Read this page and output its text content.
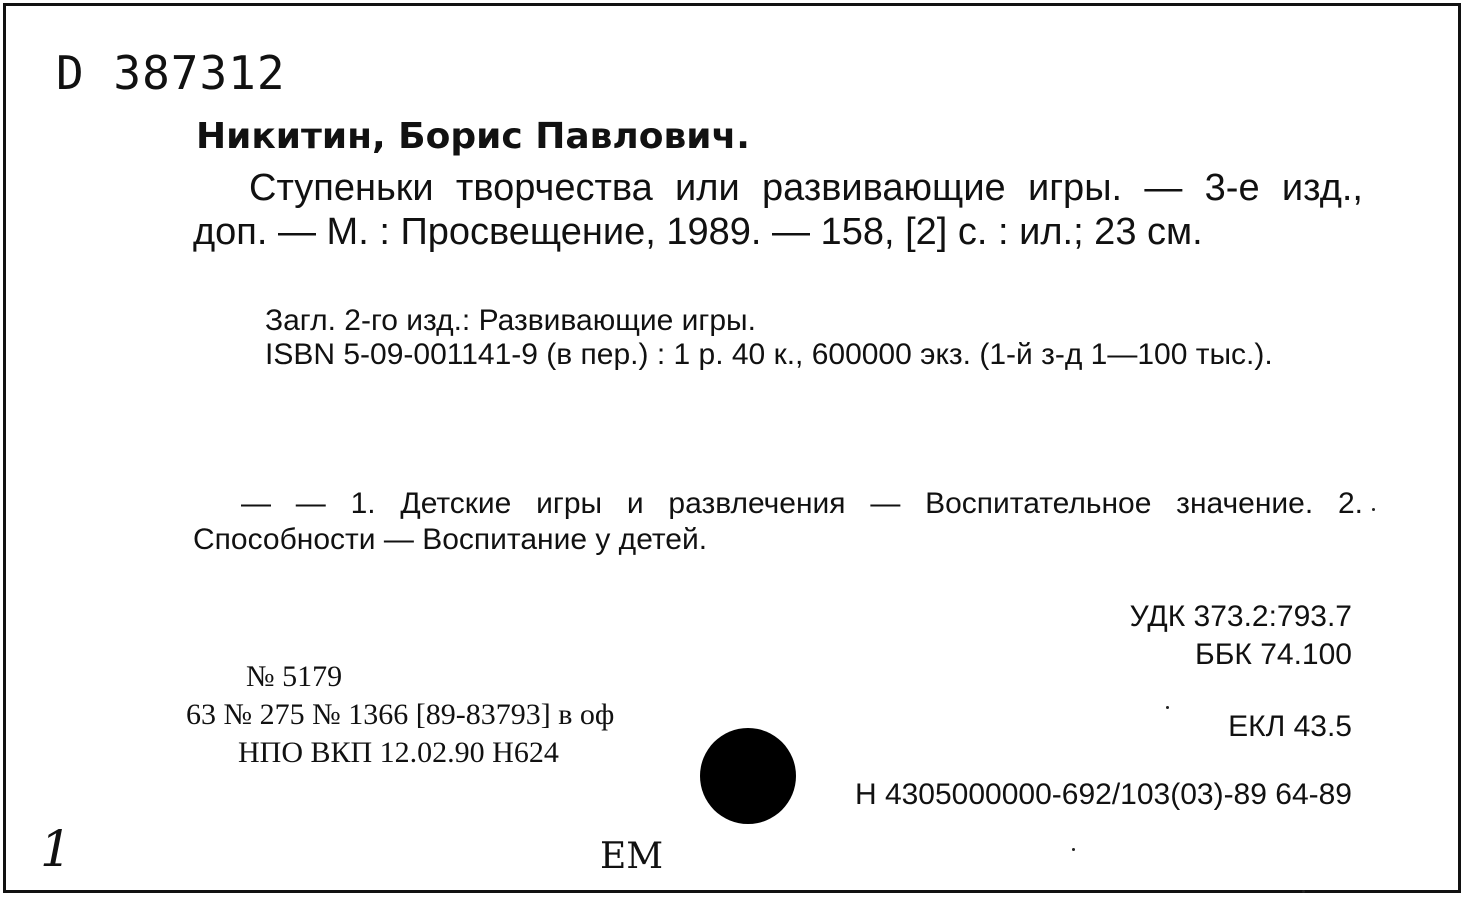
D 387312
Никитин, Борис Павлович.

Ступеньки творчества или развивающие игры. — 3-е изд., доп. — М. : Просвещение, 1989. — 158, [2] с. : ил.; 23 см.

Загл. 2-го изд.: Развивающие игры.

ISBN 5-09-001141-9 (в пер.) : 1 р. 40 к., 600000 экз. (1-й з-д 1—100 тыс.).

— — 1. Детские игры и развлечения — Воспитательное значение. 2. Способности — Воспитание у детей.

УДК 373.2:793.7
ББК 74.100
ЕКЛ 43.5
Н 4305000000-692/103(03)-89 64-89
№ 5179
63 № 275 № 1366 [89-83793] в оф
НПО ВКП 12.02.90 Н624
1	ЕМ
